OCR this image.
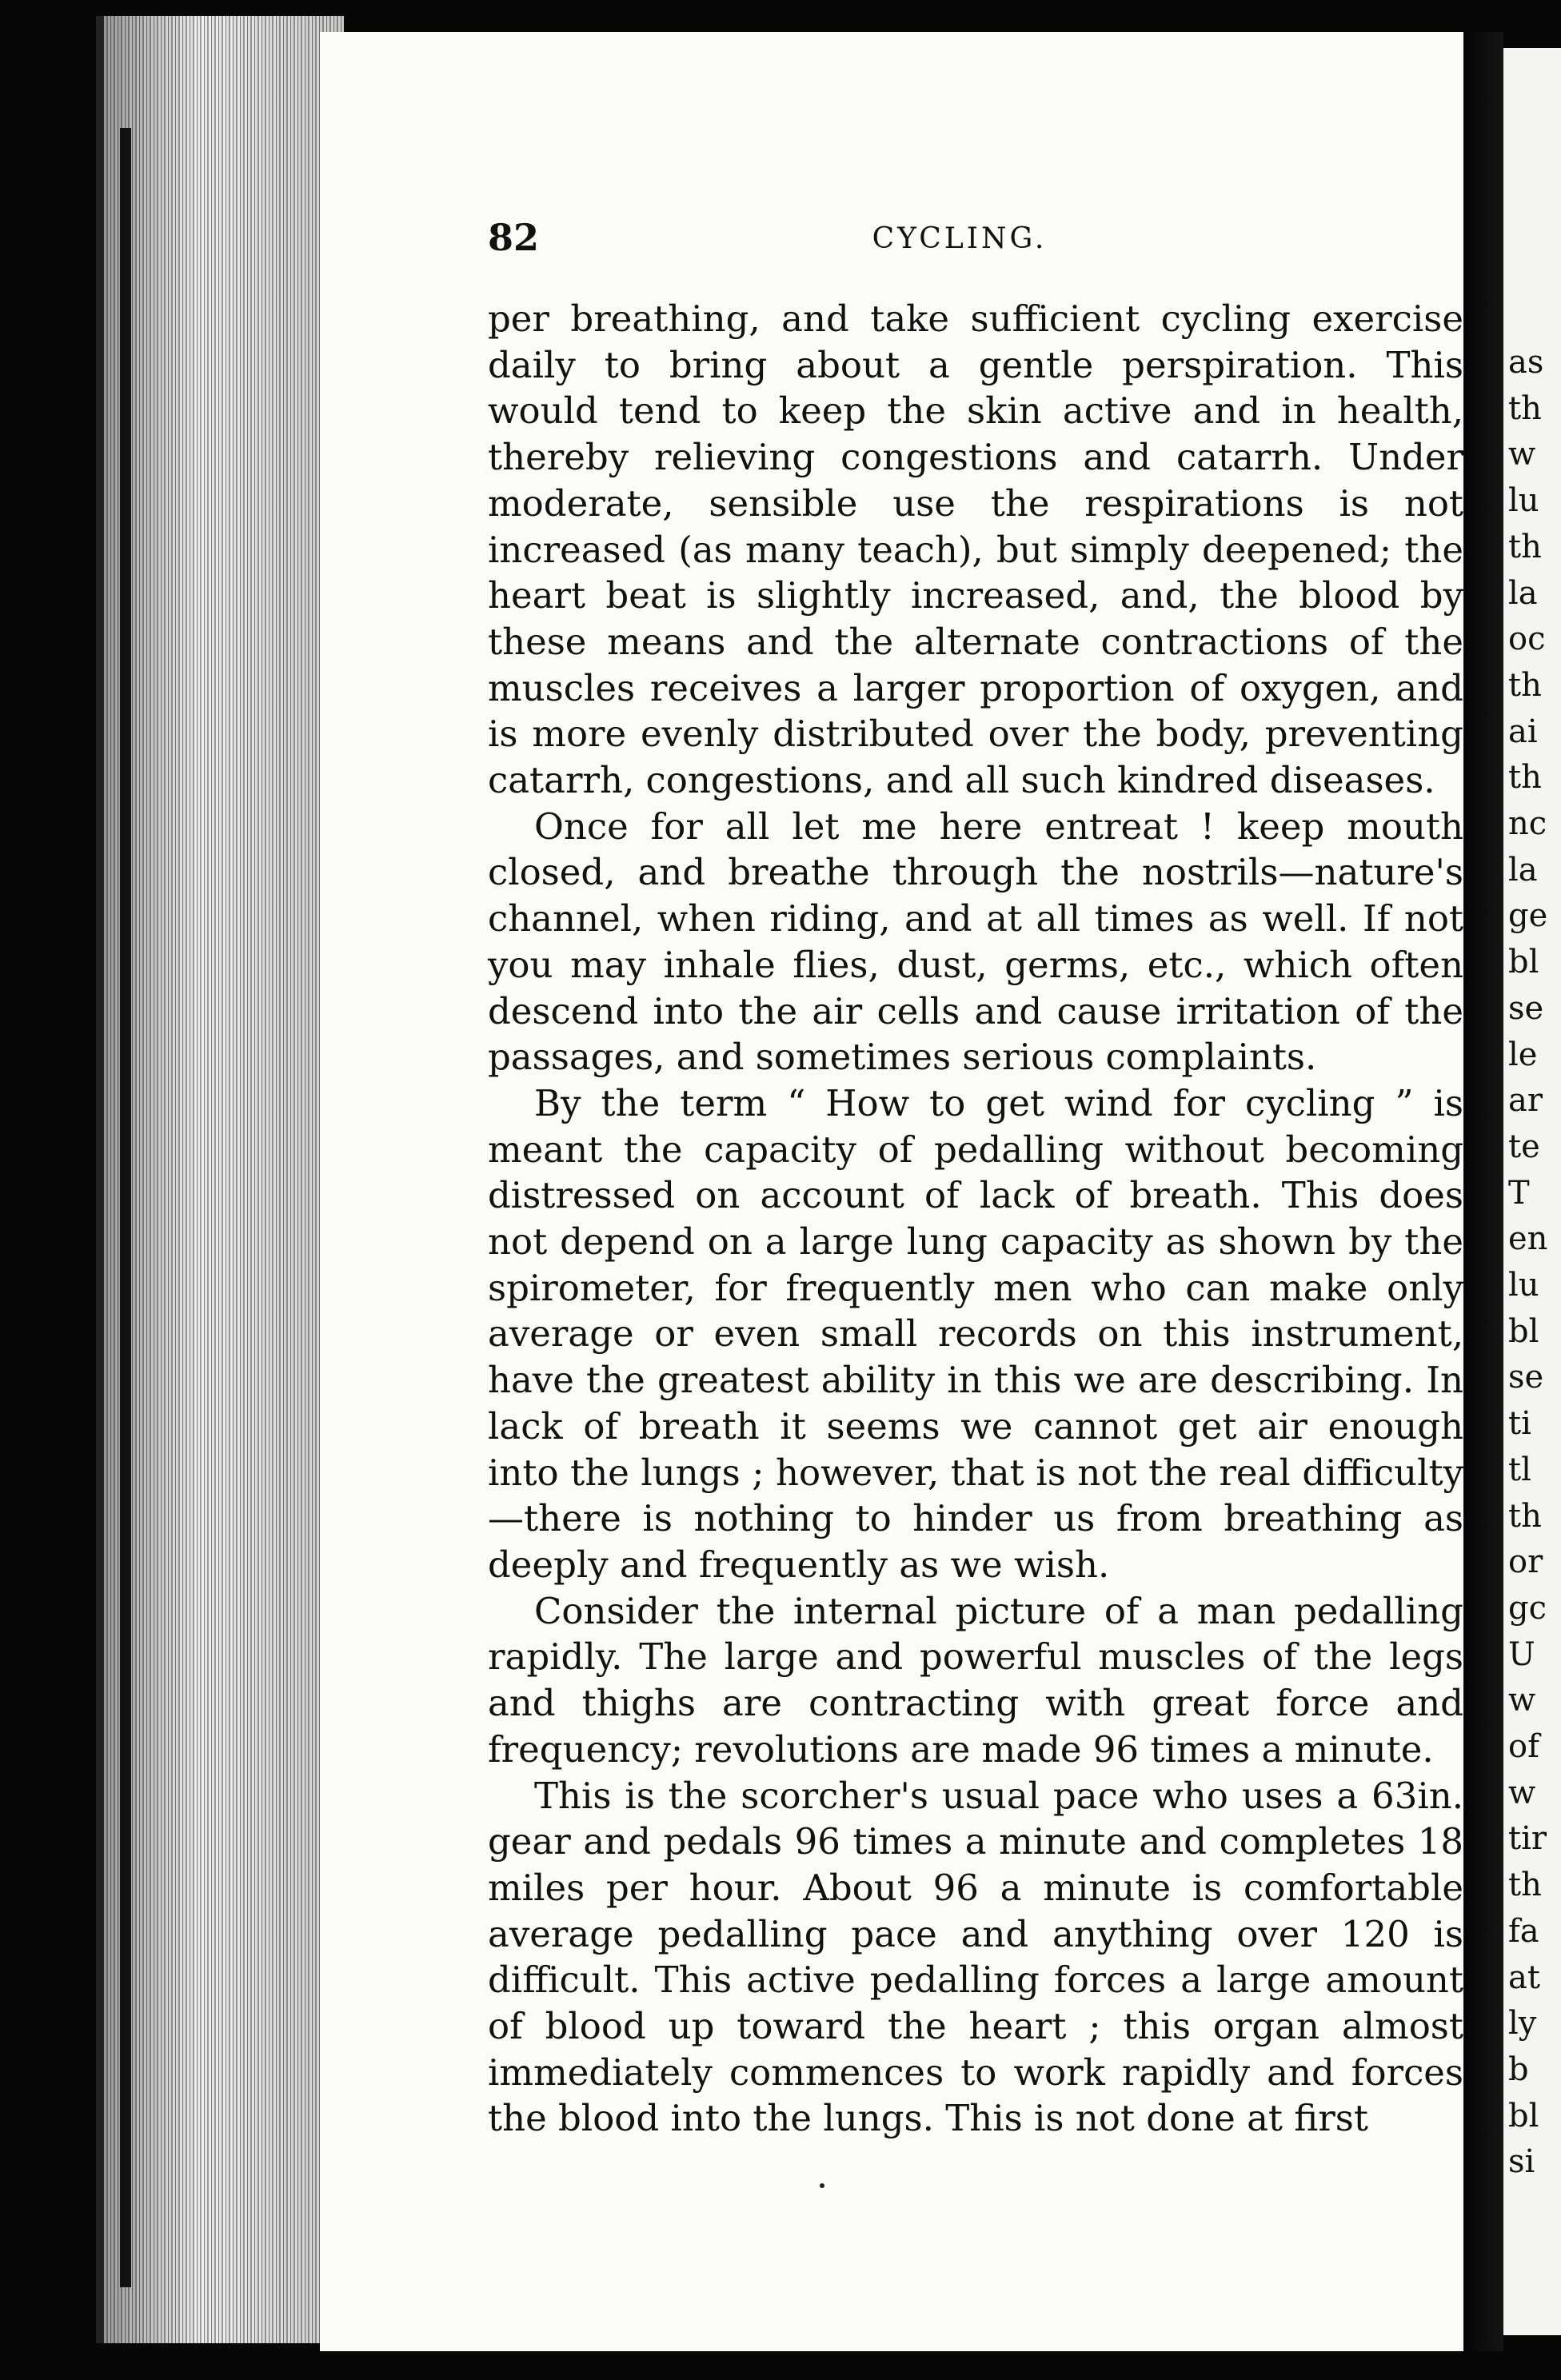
82	CYCLING.

per breathing, and take sufficient cycling exercise daily to bring about a gentle perspiration. This would tend to keep the skin active and in health, thereby relieving congestions and catarrh. Under moderate, sensible use the respirations is not increased (as many teach), but simply deepened; the heart beat is slightly increased, and, the blood by these means and the alternate contractions of the muscles receives a larger proportion of oxygen, and is more evenly distributed over the body, preventing catarrh, congestions, and all such kindred diseases.

Once for all let me here entreat ! keep mouth closed, and breathe through the nostrils—nature's channel, when riding, and at all times as well. If not you may inhale flies, dust, germs, etc., which often descend into the air cells and cause irritation of the passages, and sometimes serious complaints.

By the term “ How to get wind for cycling ” is meant the capacity of pedalling without becoming distressed on account of lack of breath. This does not depend on a large lung capacity as shown by the spirometer, for frequently men who can make only average or even small records on this instrument, have the greatest ability in this we are describing. In lack of breath it seems we cannot get air enough into the lungs ; however, that is not the real difficulty—there is nothing to hinder us from breathing as deeply and frequently as we wish.

Consider the internal picture of a man pedalling rapidly. The large and powerful muscles of the legs and thighs are contracting with great force and frequency; revolutions are made 96 times a minute.

This is the scorcher's usual pace who uses a 63in. gear and pedals 96 times a minute and completes 18 miles per hour. About 96 a minute is comfortable average pedalling pace and anything over 120 is difficult. This active pedalling forces a large amount of blood up toward the heart ; this organ almost immediately commences to work rapidly and forces the blood into the lungs. This is not done at first

as
th
w
lu
th
la
oc
th
ai
th
nc
la
ge
bl
se
le
ar
te
T
en
lu
bl
se
ti
tl
th
or
gc
U
w
of
w
tir
th
fa
at
ly
b
bl
si
